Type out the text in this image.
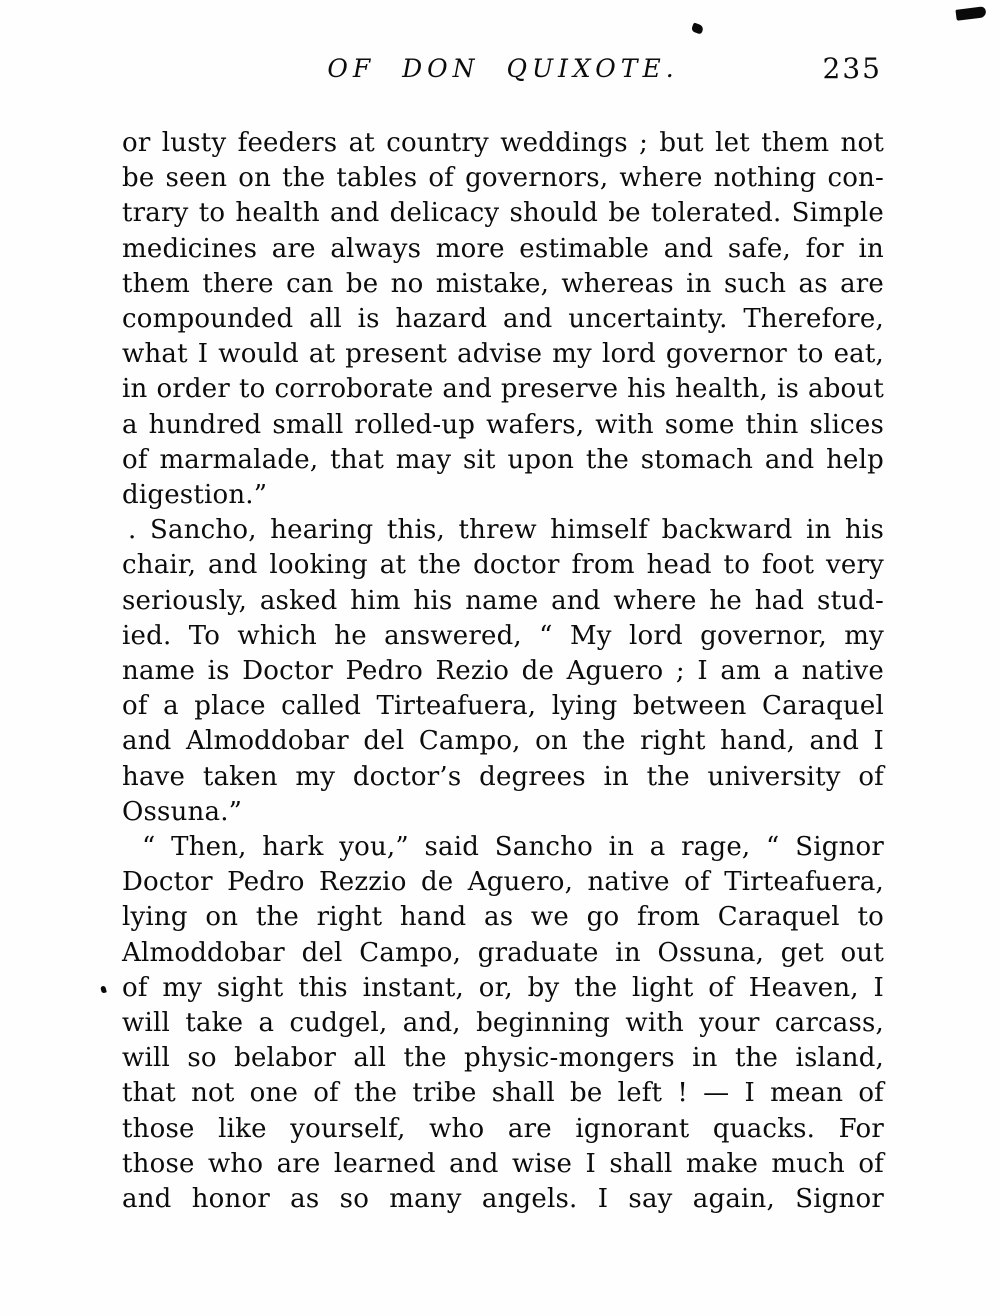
OF DON QUIXOTE.	235
or lusty feeders at country weddings ; but let them not
be seen on the tables of governors, where nothing con-
trary to health and delicacy should be tolerated. Simple
medicines are always more estimable and safe, for in
them there can be no mistake, whereas in such as are
compounded all is hazard and uncertainty. Therefore,
what I would at present advise my lord governor to eat,
in order to corroborate and preserve his health, is about
a hundred small rolled-up wafers, with some thin slices
of marmalade, that may sit upon the stomach and help
digestion.”
. Sancho, hearing this, threw himself backward in his
chair, and looking at the doctor from head to foot very
seriously, asked him his name and where he had stud-
ied. To which he answered, “ My lord governor, my
name is Doctor Pedro Rezio de Aguero ; I am a native
of a place called Tirteafuera, lying between Caraquel
and Almoddobar del Campo, on the right hand, and I
have taken my doctor’s degrees in the university of
Ossuna.”
“ Then, hark you,” said Sancho in a rage, “ Signor
Doctor Pedro Rezzio de Aguero, native of Tirteafuera,
lying on the right hand as we go from Caraquel to
Almoddobar del Campo, graduate in Ossuna, get out
of my sight this instant, or, by the light of Heaven, I
will take a cudgel, and, beginning with your carcass,
will so belabor all the physic-mongers in the island,
that not one of the tribe shall be left ! — I mean of
those like yourself, who are ignorant quacks. For
those who are learned and wise I shall make much of
and honor as so many angels. I say again, Signor
